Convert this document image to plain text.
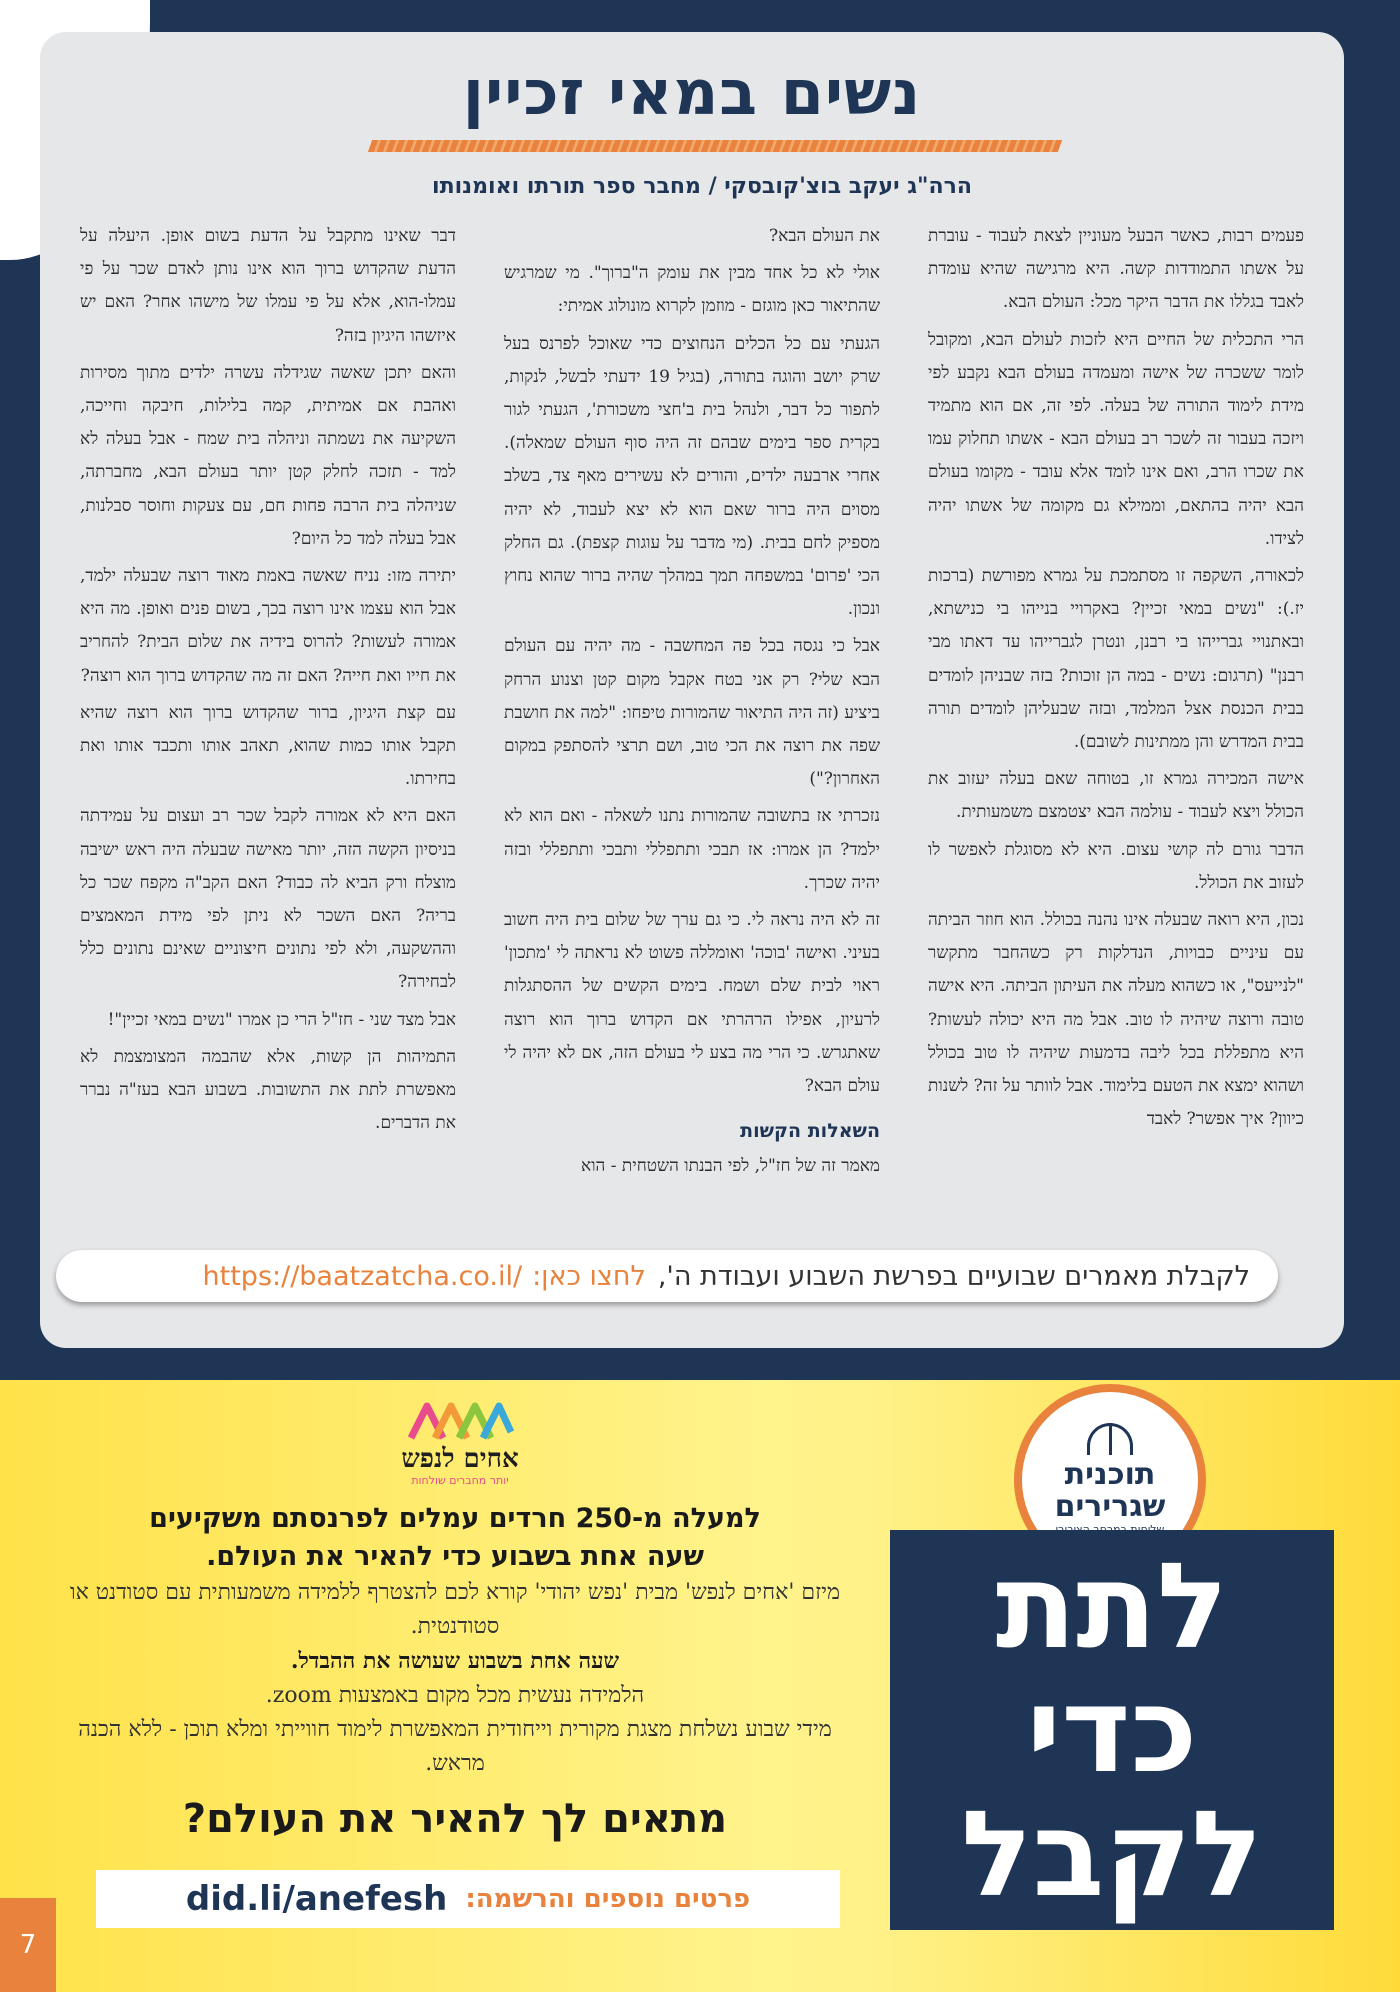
נשים במאי זכיין
הרה"ג יעקב בוצ'קובסקי / מחבר ספר תורתו ואומנותו

פעמים רבות, כאשר הבעל מעוניין לצאת לעבוד - עוברת על אשתו התמודדות קשה. היא מרגישה שהיא עומדת לאבד בגללו את הדבר היקר מכל: העולם הבא.

הרי התכלית של החיים היא לזכות לעולם הבא, ומקובל לומר ששכרה של אישה ומעמדה בעולם הבא נקבע לפי מידת לימוד התורה של בעלה. לפי זה, אם הוא מתמיד ויזכה בעבור זה לשכר רב בעולם הבא - אשתו תחלוק עמו את שכרו הרב, ואם אינו לומד אלא עובד - מקומו בעולם הבא יהיה בהתאם, וממילא גם מקומה של אשתו יהיה לצידו.

לכאורה, השקפה זו מסתמכת על גמרא מפורשת (ברכות יז.): "נשים במאי זכיין? באקרויי בנייהו בי כנישתא, ובאתנויי גברייהו בי רבנן, ונטרן לגברייהו עד דאתו מבי רבנן" (תרגום: נשים - במה הן זוכות? בזה שבניהן לומדים בבית הכנסת אצל המלמד, ובזה שבעליהן לומדים תורה בבית המדרש והן ממתינות לשובם).

אישה המכירה גמרא זו, בטוחה שאם בעלה יעזוב את הכולל ויצא לעבוד - עולמה הבא יצטמצם משמעותית.

הדבר גורם לה קושי עצום. היא לא מסוגלת לאפשר לו לעזוב את הכולל.

נכון, היא רואה שבעלה אינו נהנה בכולל. הוא חוזר הביתה עם עיניים כבויות, הנדלקות רק כשהחבר מתקשר "לנייעס", או כשהוא מעלה את העיתון הביתה. היא אישה טובה ורוצה שיהיה לו טוב. אבל מה היא יכולה לעשות? היא מתפללת בכל ליבה בדמעות שיהיה לו טוב בכולל ושהוא ימצא את הטעם בלימוד. אבל לוותר על זה? לשנות כיוון? איך אפשר? לאבד

את העולם הבא?

אולי לא כל אחד מבין את עומק ה"ברוך". מי שמרגיש שהתיאור כאן מוגזם - מוזמן לקרוא מונולוג אמיתי:

הגעתי עם כל הכלים הנחוצים כדי שאוכל לפרנס בעל שרק יושב והוגה בתורה, (בגיל 19 ידעתי לבשל, לנקות, לתפור כל דבר, ולנהל בית ב'חצי משכורת', הגעתי לגור בקרית ספר בימים שבהם זה היה סוף העולם שמאלה). אחרי ארבעה ילדים, והורים לא עשירים מאף צד, בשלב מסוים היה ברור שאם הוא לא יצא לעבוד, לא יהיה מספיק לחם בבית. (מי מדבר על עוגות קצפת). גם החלק הכי 'פרום' במשפחה תמך במהלך שהיה ברור שהוא נחוץ ונכון.

אבל כי נגסה בכל פה המחשבה - מה יהיה עם העולם הבא שלי? רק אני בטח אקבל מקום קטן וצנוע הרחק ביציע (זה היה התיאור שהמורות טיפחו: "למה את חושבת שפה את רוצה את הכי טוב, ושם תרצי להסתפק במקום האחרון?")

נזכרתי אז בתשובה שהמורות נתנו לשאלה - ואם הוא לא ילמד? הן אמרו: אז תבכי ותתפללי ותבכי ותתפללי ובזה יהיה שכרך.

זה לא היה נראה לי. כי גם ערך של שלום בית היה חשוב בעיני. ואישה 'בוכה' ואומללה פשוט לא נראתה לי 'מתכון' ראוי לבית שלם ושמח. בימים הקשים של ההסתגלות לרעיון, אפילו הרהרתי אם הקדוש ברוך הוא רוצה שאתגרש. כי הרי מה בצע לי בעולם הזה, אם לא יהיה לי עולם הבא?

השאלות הקשות

מאמר זה של חז"ל, לפי הבנתו השטחית - הוא

דבר שאינו מתקבל על הדעת בשום אופן. היעלה על הדעת שהקדוש ברוך הוא אינו נותן לאדם שכר על פי עמלו-הוא, אלא על פי עמלו של מישהו אחר? האם יש איזשהו היגיון בזה?

והאם יתכן שאשה שגידלה עשרה ילדים מתוך מסירות ואהבת אם אמיתית, קמה בלילות, חיבקה וחייכה, השקיעה את נשמתה וניהלה בית שמח - אבל בעלה לא למד - תזכה לחלק קטן יותר בעולם הבא, מחברתה, שניהלה בית הרבה פחות חם, עם צעקות וחוסר סבלנות, אבל בעלה למד כל היום?

יתירה מזו: נניח שאשה באמת מאוד רוצה שבעלה ילמד, אבל הוא עצמו אינו רוצה בכך, בשום פנים ואופן. מה היא אמורה לעשות? להרוס בידיה את שלום הבית? להחריב את חייו ואת חייה? האם זה מה שהקדוש ברוך הוא רוצה?

עם קצת היגיון, ברור שהקדוש ברוך הוא רוצה שהיא תקבל אותו כמות שהוא, תאהב אותו ותכבד אותו ואת בחירתו.

האם היא לא אמורה לקבל שכר רב ועצום על עמידתה בניסיון הקשה הזה, יותר מאישה שבעלה היה ראש ישיבה מוצלח ורק הביא לה כבוד? האם הקב"ה מקפח שכר כל בריה? האם השכר לא ניתן לפי מידת המאמצים וההשקעה, ולא לפי נתונים חיצוניים שאינם נתונים כלל לבחירה?

אבל מצד שני - חז"ל הרי כן אמרו "נשים במאי זכיין"!

התמיהות הן קשות, אלא שהבמה המצומצמת לא מאפשרת לתת את התשובות. בשבוע הבא בעז"ה נברר את הדברים.

לקבלת מאמרים שבועיים בפרשת השבוע ועבודת ה',
לחצו כאן:
https://baatzatcha.co.il/
תוכנית
שגרירים
לתת
כדי
לקבל
אחים לנפש
יותר מחברים שולחות
למעלה מ-250 חרדים עמלים לפרנסתם משקיעים
שעה אחת בשבוע כדי להאיר את העולם.
מיזם 'אחים לנפש' מבית 'נפש יהודי' קורא לכם להצטרף ללמידה משמעותית עם סטודנט או סטודנטית.
שעה אחת בשבוע שעושה את ההבדל.
הלמידה נעשית מכל מקום באמצעות zoom.
מידי שבוע נשלחת מצגת מקורית וייחודית המאפשרת לימוד חווייתי ומלא תוכן - ללא הכנה מראש.
מתאים לך להאיר את העולם?
פרטים נוספים והרשמה:
did.li/anefesh
7
